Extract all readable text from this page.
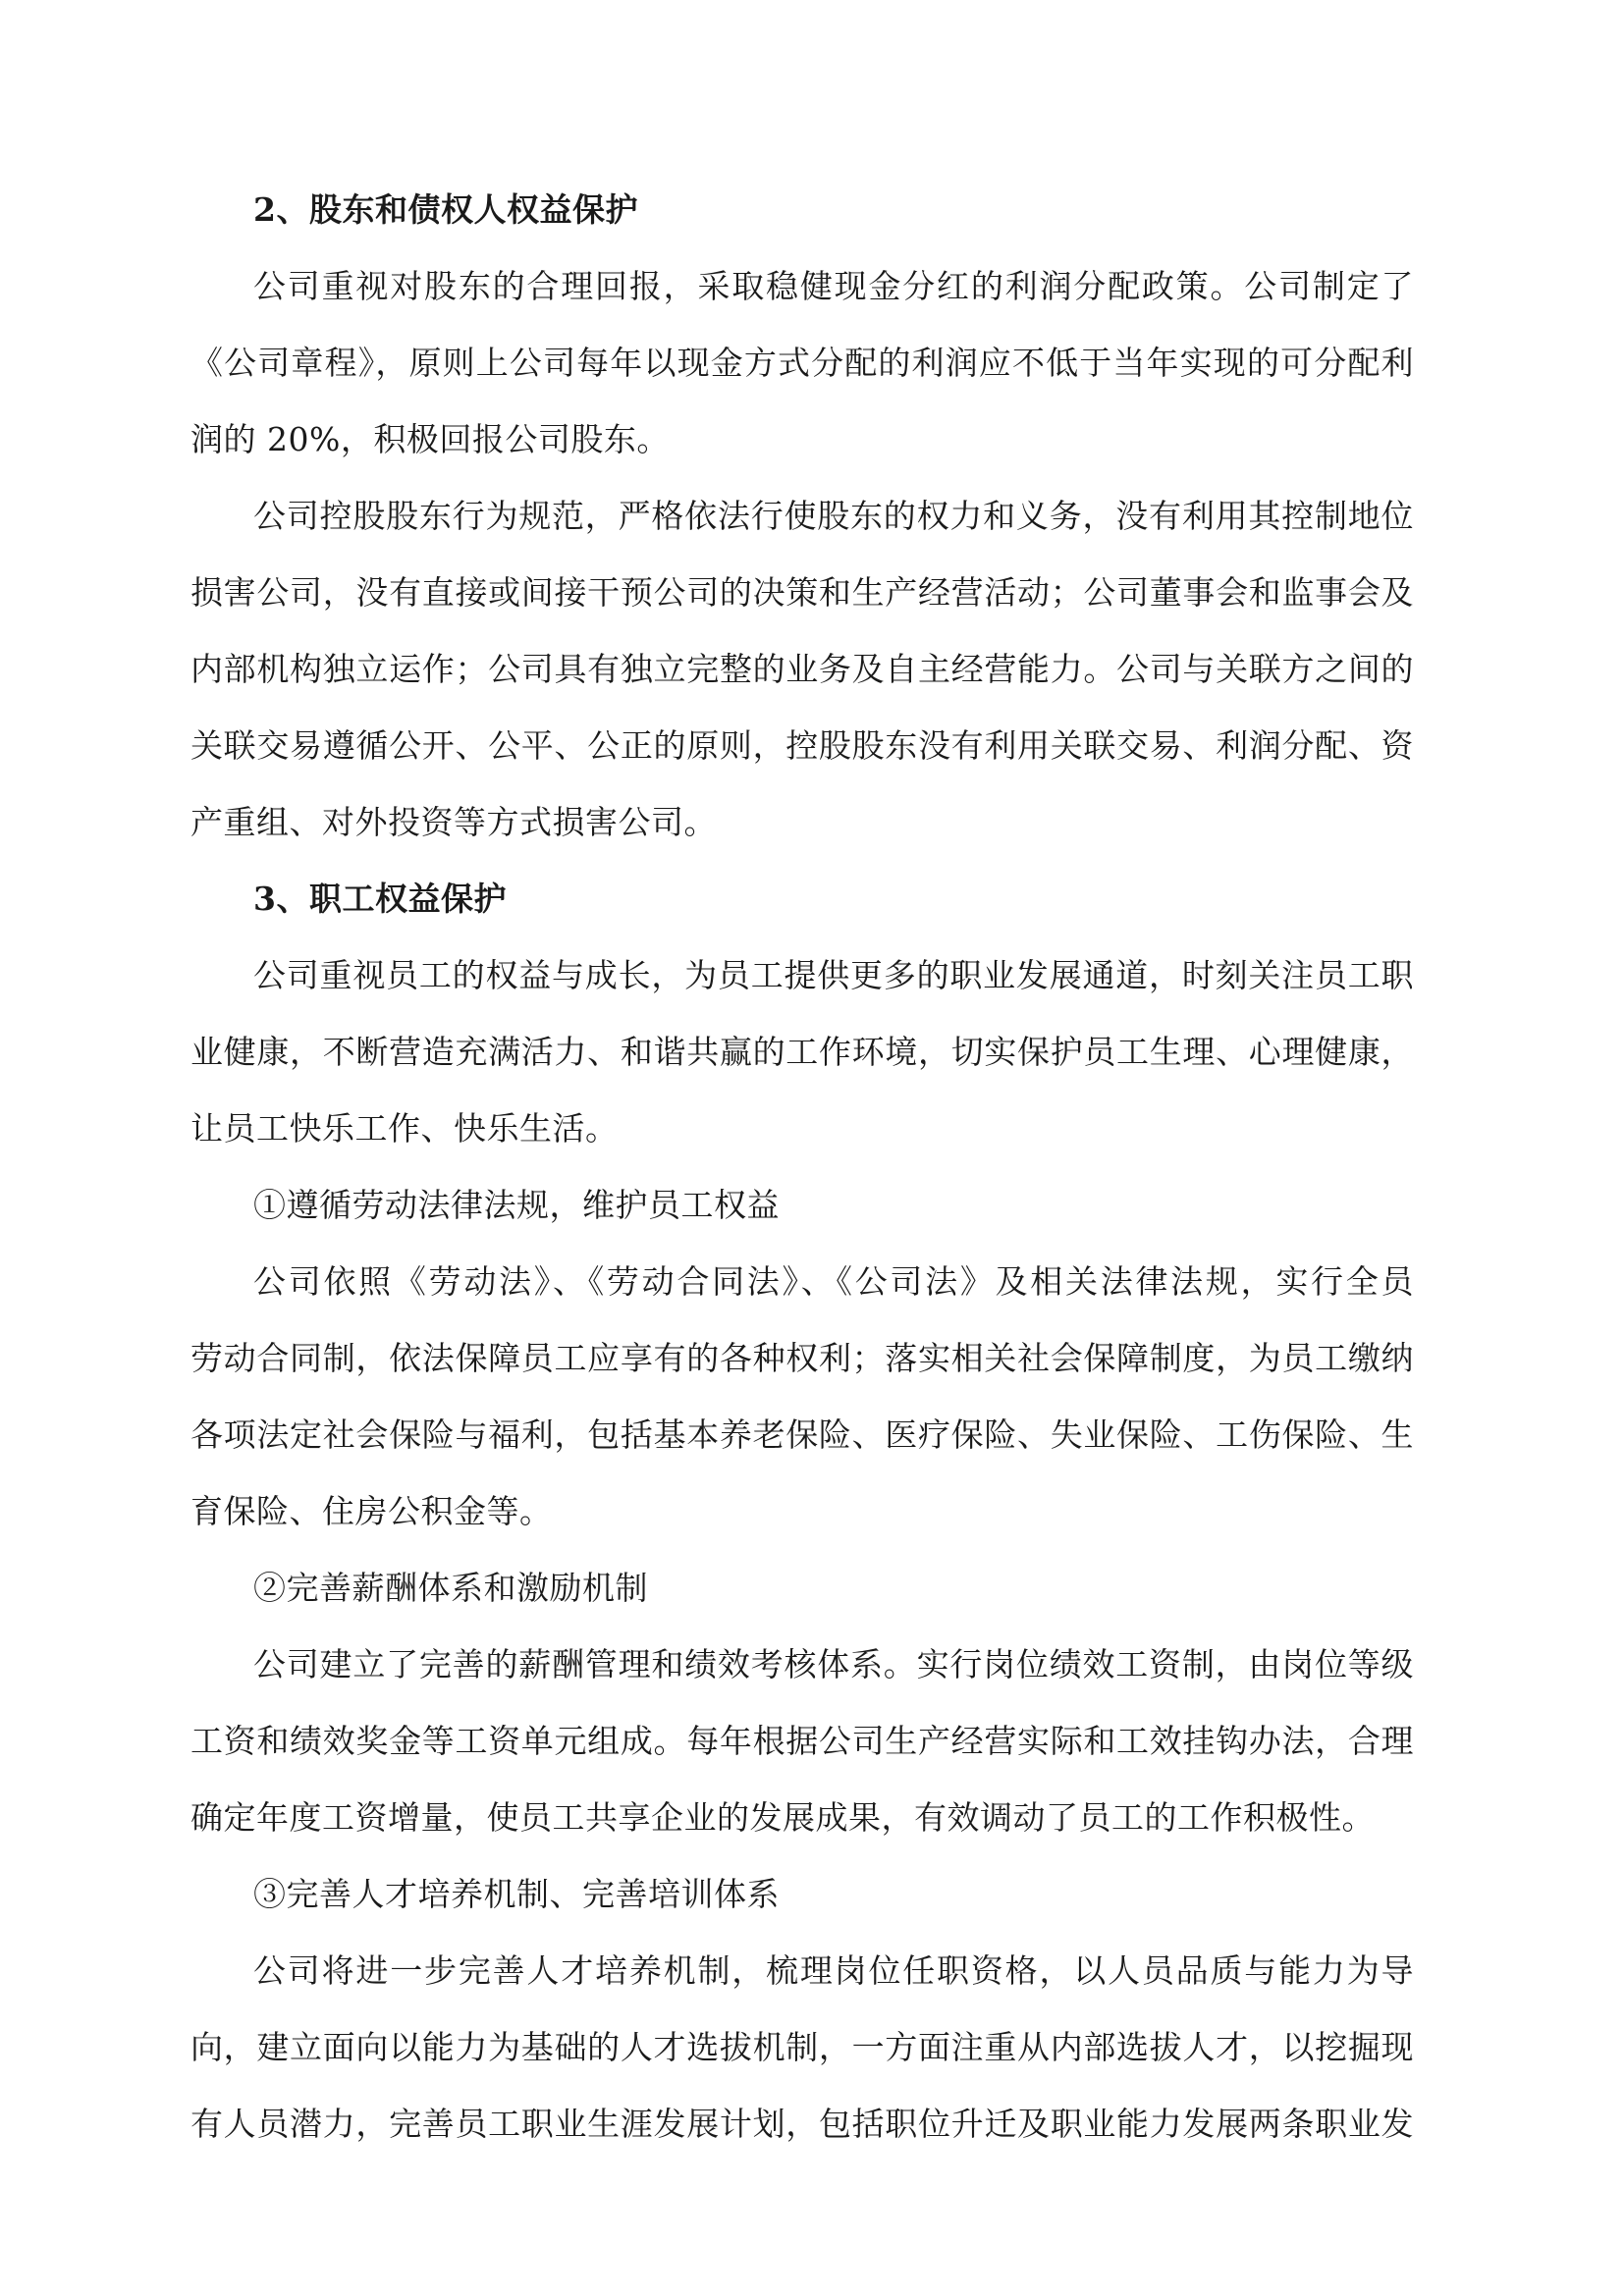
2、股东和债权人权益保护
公司重视对股东的合理回报，采取稳健现金分红的利润分配政策。公司制定了
《公司章程》，原则上公司每年以现金方式分配的利润应不低于当年实现的可分配利
润的 20%，积极回报公司股东。
公司控股股东行为规范，严格依法行使股东的权力和义务，没有利用其控制地位
损害公司，没有直接或间接干预公司的决策和生产经营活动；公司董事会和监事会及
内部机构独立运作；公司具有独立完整的业务及自主经营能力。公司与关联方之间的
关联交易遵循公开、公平、公正的原则，控股股东没有利用关联交易、利润分配、资
产重组、对外投资等方式损害公司。
3、职工权益保护
公司重视员工的权益与成长，为员工提供更多的职业发展通道，时刻关注员工职
业健康，不断营造充满活力、和谐共赢的工作环境，切实保护员工生理、心理健康，
让员工快乐工作、快乐生活。
①遵循劳动法律法规，维护员工权益
公司依照《劳动法》、《劳动合同法》、《公司法》及相关法律法规，实行全员
劳动合同制，依法保障员工应享有的各种权利；落实相关社会保障制度，为员工缴纳
各项法定社会保险与福利，包括基本养老保险、医疗保险、失业保险、工伤保险、生
育保险、住房公积金等。
②完善薪酬体系和激励机制
公司建立了完善的薪酬管理和绩效考核体系。实行岗位绩效工资制，由岗位等级
工资和绩效奖金等工资单元组成。每年根据公司生产经营实际和工效挂钩办法，合理
确定年度工资增量，使员工共享企业的发展成果，有效调动了员工的工作积极性。
③完善人才培养机制、完善培训体系
公司将进一步完善人才培养机制，梳理岗位任职资格，以人员品质与能力为导
向，建立面向以能力为基础的人才选拔机制，一方面注重从内部选拔人才，以挖掘现
有人员潜力，完善员工职业生涯发展计划，包括职位升迁及职业能力发展两条职业发
